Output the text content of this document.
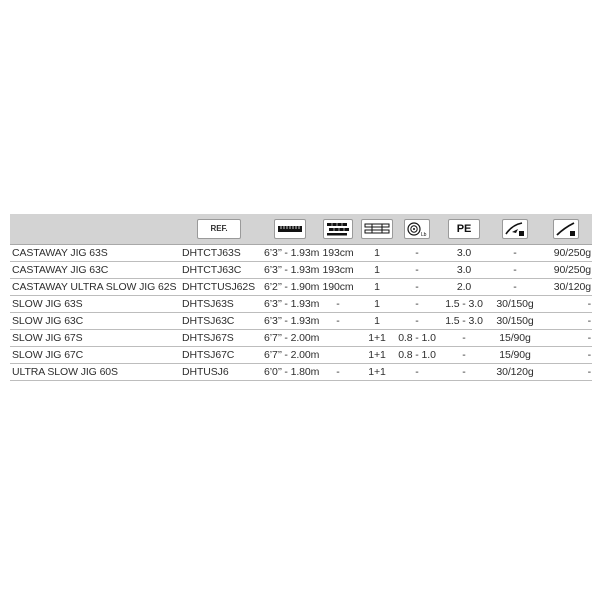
	REF.				Lb	PE	

CASTAWAY JIG 63S	DHTCTJ63S	6’3’’ - 1.93m	193cm	1	-	3.0	-	90/250g
CASTAWAY JIG 63C	DHTCTJ63C	6’3’’ - 1.93m	193cm	1	-	3.0	-	90/250g
CASTAWAY ULTRA SLOW JIG 62S	DHTCTUSJ62S	6’2’’ - 1.90m	190cm	1	-	2.0	-	30/120g
SLOW JIG 63S	DHTSJ63S	6’3’’ - 1.93m	-	1	-	1.5 - 3.0	30/150g	-
SLOW JIG 63C	DHTSJ63C	6’3’’ - 1.93m	-	1	-	1.5 - 3.0	30/150g	-
SLOW JIG 67S	DHTSJ67S	6’7’’ - 2.00m		1+1	0.8 - 1.0	-	15/90g	-
SLOW JIG 67C	DHTSJ67C	6’7’’ - 2.00m		1+1	0.8 - 1.0	-	15/90g	-
ULTRA SLOW JIG 60S	DHTUSJ6	6’0’’ - 1.80m	-	1+1	-	-	30/120g	-
